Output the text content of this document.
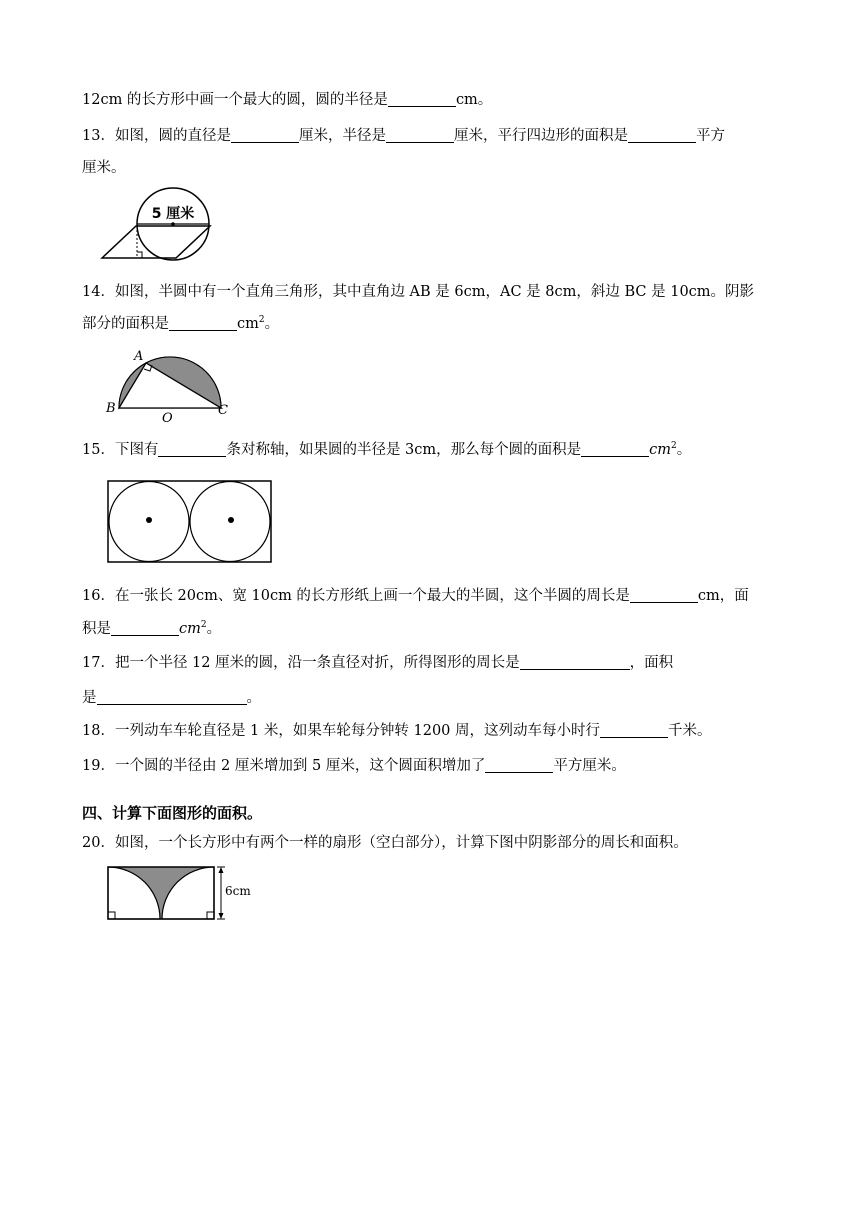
12cm 的长方形中画一个最大的圆，圆的半径是	cm。
13．如图，圆的直径是	厘米，半径是	厘米，平行四边形的面积是	平方
厘米。
5 厘米
14．如图，半圆中有一个直角三角形，其中直角边 AB 是 6cm，AC 是 8cm，斜边 BC 是 10cm。阴影
部分的面积是	$cm^2$。
A
B
O
C
15．下图有	条对称轴，如果圆的半径是 3cm，那么每个圆的面积是	$cm^2$。
16．在一张长 20cm、宽 10cm 的长方形纸上画一个最大的半圆，这个半圆的周长是	cm，面
积是	$cm^2$。
17．把一个半径 12 厘米的圆，沿一条直径对折，所得图形的周长是	，面积
是	。
18．一列动车车轮直径是 1 米，如果车轮每分钟转 1200 周，这列动车每小时行	千米。
19．一个圆的半径由 2 厘米增加到 5 厘米，这个圆面积增加了	平方厘米。
四、计算下面图形的面积。
20．如图，一个长方形中有两个一样的扇形（空白部分），计算下图中阴影部分的周长和面积。
6cm
